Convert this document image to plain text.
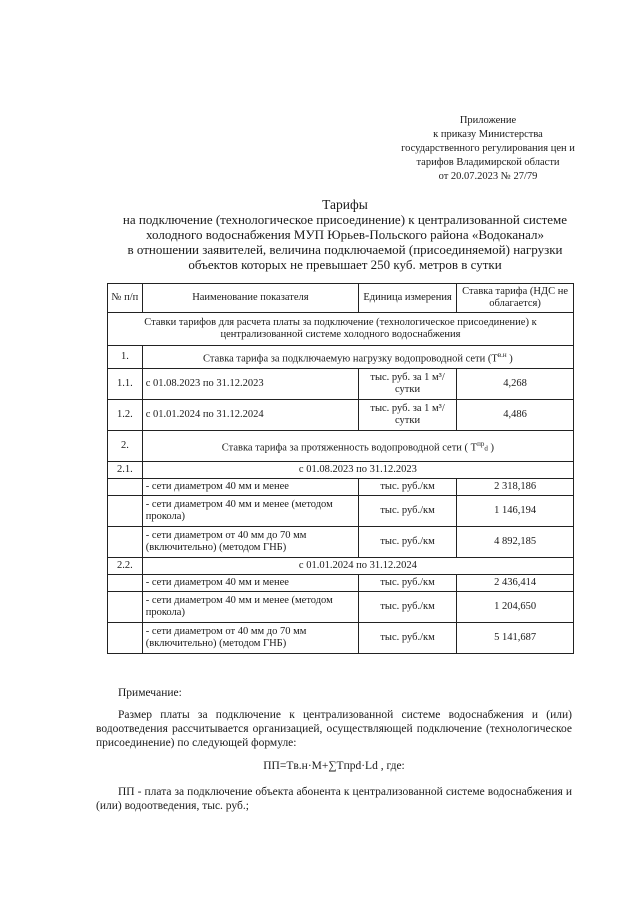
Приложение
к приказу Министерства
государственного регулирования цен и
тарифов Владимирской области
от 20.07.2023 № 27/79
Тарифы
на подключение (технологическое присоединение) к централизованной системе
холодного водоснабжения МУП Юрьев-Польского района «Водоканал»
в отношении заявителей, величина подключаемой (присоединяемой) нагрузки
объектов которых не превышает 250 куб. метров в сутки
№ п/п	Наименование показателя	Единица измерения	Ставка тарифа (НДС не облагается)
Ставки тарифов для расчета платы за подключение (технологическое присоединение) к централизованной системе холодного водоснабжения			
1.	Ставка тарифа за подключаемую нагрузку водопроводной сети ($T^{в.н}$ )		
1.1.	с 01.08.2023 по 31.12.2023	тыс. руб. за 1 м³/сутки	4,268
1.2.	с 01.01.2024 по 31.12.2024	тыс. руб. за 1 м³/сутки	4,486
2.	Ставка тарифа за протяженность водопроводной сети ( $T^{пр}d$ )		
2.1.	с 01.08.2023 по 31.12.2023		
	- сети диаметром 40 мм и менее	тыс. руб./км	2 318,186
	- сети диаметром 40 мм и менее (методом прокола)	тыс. руб./км	1 146,194
	- сети диаметром от 40 мм до 70 мм (включительно) (методом ГНБ)	тыс. руб./км	4 892,185
2.2.	с 01.01.2024 по 31.12.2024		
	- сети диаметром 40 мм и менее	тыс. руб./км	2 436,414
	- сети диаметром 40 мм и менее (методом прокола)	тыс. руб./км	1 204,650
	- сети диаметром от 40 мм до 70 мм (включительно) (методом ГНБ)	тыс. руб./км	5 141,687

Примечание:

Размер платы за подключение к централизованной системе водоснабжения и (или) водоотведения рассчитывается организацией, осуществляющей подключение (технологическое присоединение) по следующей формуле:

ПП=Tв.н·M+∑Tпрd·Ld , где:

ПП - плата за подключение объекта абонента к централизованной системе водоснабжения и (или) водоотведения, тыс. руб.;
